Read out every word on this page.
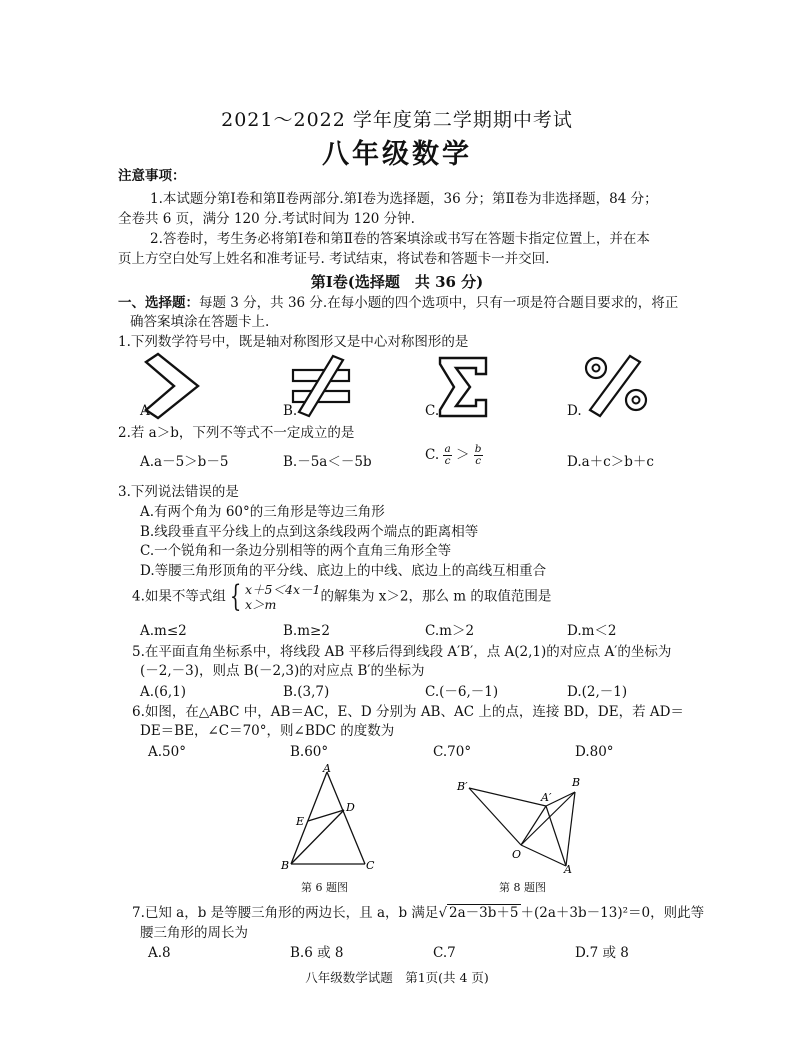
2021～2022 学年度第二学期期中考试
八年级数学
注意事项：
1.本试题分第Ⅰ卷和第Ⅱ卷两部分.第Ⅰ卷为选择题，36 分；第Ⅱ卷为非选择题，84 分；
全卷共 6 页，满分 120 分.考试时间为 120 分钟.
2.答卷时，考生务必将第Ⅰ卷和第Ⅱ卷的答案填涂或书写在答题卡指定位置上，并在本
页上方空白处写上姓名和准考证号. 考试结束，将试卷和答题卡一并交回.
第Ⅰ卷(选择题　共 36 分)
一、选择题：每题 3 分，共 36 分.在每小题的四个选项中，只有一项是符合题目要求的，将正
确答案填涂在答题卡上.
1.下列数学符号中，既是轴对称图形又是中心对称图形的是
A.	B.	C.	D.
2.若 a＞b，下列不等式不一定成立的是
A.a－5＞b－5	B.－5a＜－5b	C. $\frac{a}{c} > \frac{b}{c}$	D.a＋c＞b＋c
3.下列说法错误的是
A.有两个角为 60°的三角形是等边三角形
B.线段垂直平分线上的点到这条线段两个端点的距离相等
C.一个锐角和一条边分别相等的两个直角三角形全等
D.等腰三角形顶角的平分线、底边上的中线、底边上的高线互相重合
4.如果不等式组 { x＋5＜4x－1
x＞m	的解集为 x＞2，那么 m 的取值范围是
A.m≤2	B.m≥2	C.m＞2	D.m＜2
5.在平面直角坐标系中，将线段 AB 平移后得到线段 A′B′，点 A(2,1)的对应点 A′的坐标为
(－2,－3)，则点 B(－2,3)的对应点 B′的坐标为
A.(6,1)	B.(3,7)	C.(－6,－1)	D.(2,－1)
6.如图，在△ABC 中，AB＝AC，E、D 分别为 AB、AC 上的点，连接 BD，DE，若 AD＝
DE＝BE，∠C＝70°，则∠BDC 的度数为
A.50°	B.60°	C.70°	D.80°
A
B	C
D
E
第 6 题图
B′	B
A′
O
A
第 8 题图
7.已知 a，b 是等腰三角形的两边长，且 a，b 满足√ 2a－3b＋5 ＋(2a＋3b－13)²＝0，则此等
腰三角形的周长为
A.8	B.6 或 8	C.7	D.7 或 8
八年级数学试题　第1页(共 4 页)
